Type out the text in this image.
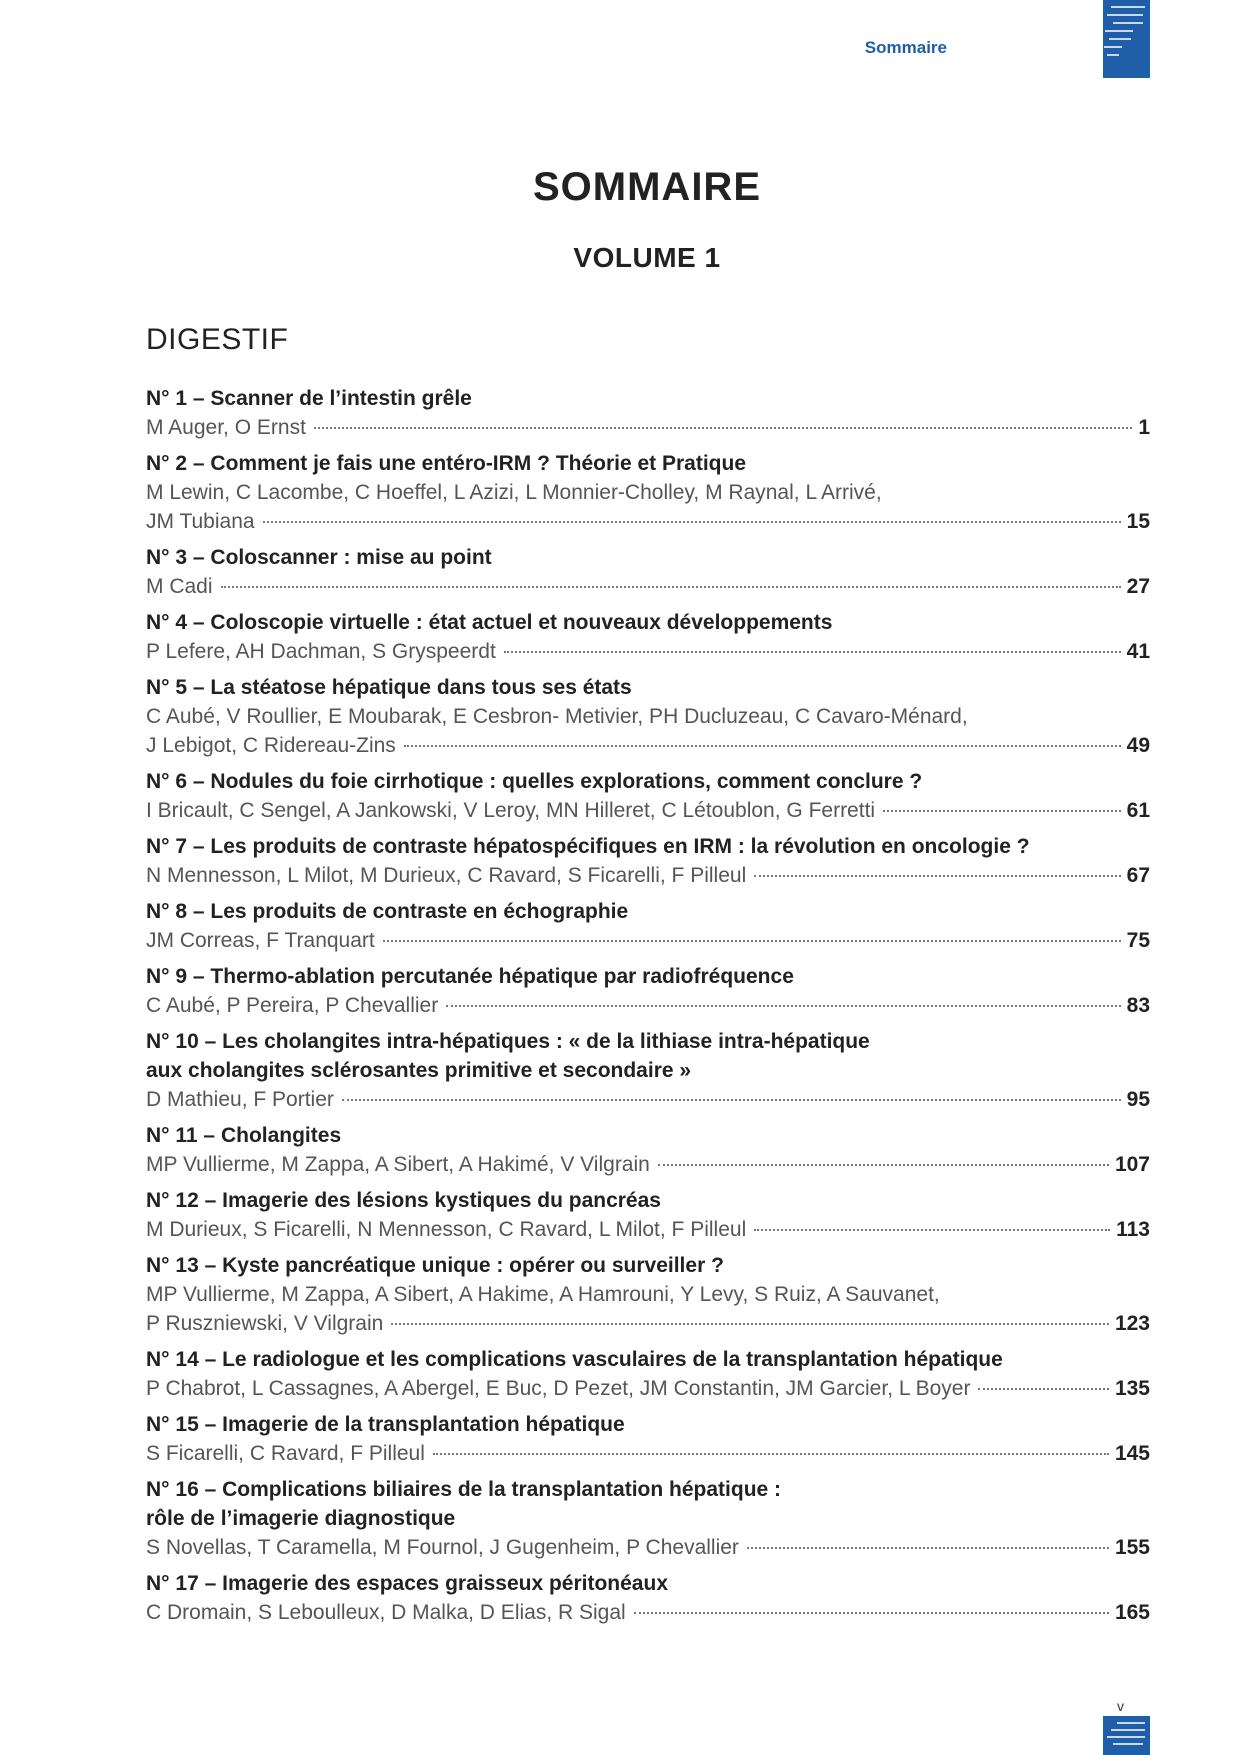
Sommaire
SOMMAIRE
VOLUME 1
DIGESTIF
N° 1 – Scanner de l’intestin grêle
M Auger, O Ernst	1
N° 2 – Comment je fais une entéro-IRM ? Théorie et Pratique
M Lewin, C Lacombe, C Hoeffel, L Azizi, L Monnier-Cholley, M Raynal, L Arrivé,
JM Tubiana	15
N° 3 – Coloscanner : mise au point
M Cadi	27
N° 4 – Coloscopie virtuelle : état actuel et nouveaux développements
P Lefere, AH Dachman, S Gryspeerdt	41
N° 5 – La stéatose hépatique dans tous ses états
C Aubé, V Roullier, E Moubarak, E Cesbron- Metivier, PH Ducluzeau, C Cavaro-Ménard,
J Lebigot, C Ridereau-Zins	49
N° 6 – Nodules du foie cirrhotique : quelles explorations, comment conclure ?
I Bricault, C Sengel, A Jankowski, V Leroy, MN Hilleret, C Létoublon, G Ferretti	61
N° 7 – Les produits de contraste hépatospécifiques en IRM : la révolution en oncologie ?
N Mennesson, L Milot, M Durieux, C Ravard, S Ficarelli, F Pilleul	67
N° 8 – Les produits de contraste en échographie
JM Correas, F Tranquart	75
N° 9 – Thermo-ablation percutanée hépatique par radiofréquence
C Aubé, P Pereira, P Chevallier	83
N° 10 – Les cholangites intra-hépatiques : « de la lithiase intra-hépatique
aux cholangites sclérosantes primitive et secondaire »
D Mathieu, F Portier	95
N° 11 – Cholangites
MP Vullierme, M Zappa, A Sibert, A Hakimé, V Vilgrain	107
N° 12 – Imagerie des lésions kystiques du pancréas
M Durieux, S Ficarelli, N Mennesson, C Ravard, L Milot, F Pilleul	113
N° 13 – Kyste pancréatique unique : opérer ou surveiller ?
MP Vullierme, M Zappa, A Sibert, A Hakime, A Hamrouni, Y Levy, S Ruiz, A Sauvanet,
P Ruszniewski, V Vilgrain	123
N° 14 – Le radiologue et les complications vasculaires de la transplantation hépatique
P Chabrot, L Cassagnes, A Abergel, E Buc, D Pezet, JM Constantin, JM Garcier, L Boyer	135
N° 15 – Imagerie de la transplantation hépatique
S Ficarelli, C Ravard, F Pilleul	145
N° 16 – Complications biliaires de la transplantation hépatique :
rôle de l’imagerie diagnostique
S Novellas, T Caramella, M Fournol, J Gugenheim, P Chevallier	155
N° 17 – Imagerie des espaces graisseux péritonéaux
C Dromain, S Leboulleux, D Malka, D Elias, R Sigal	165
v
